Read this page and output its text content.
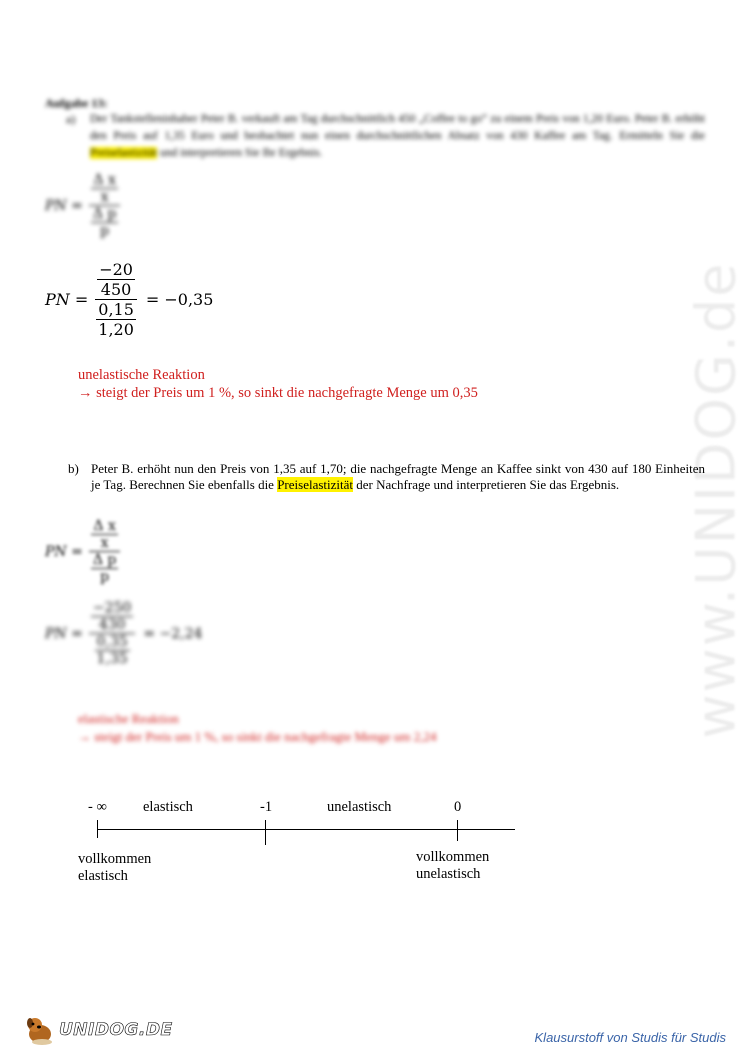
www.UNIDOG.de
Aufgabe 13:
a) Der Tankstelleninhaber Peter B. verkauft am Tag durchschnittlich 450 „Coffee to go“ zu einem Preis von 1,20 Euro. Peter B. erhöht den Preis auf 1,35 Euro und beobachtet nun einen durchschnittlichen Absatz von 430 Kaffee am Tag. Ermitteln Sie die Preiselastizität und interpretieren Sie Ihr Ergebnis.
PN = $\frac{\frac{\text{Δ x}}{x}}{\frac{\text{Δ p}}{p}}$
PN = $\frac{\frac{-20}{450}}{\frac{0,15}{1,20}} = -0,35$
unelastische Reaktion
→ steigt der Preis um 1 %, so sinkt die nachgefragte Menge um 0,35
b) Peter B. erhöht nun den Preis von 1,35 auf 1,70; die nachgefragte Menge an Kaffee sinkt von 430 auf 180 Einheiten je Tag. Berechnen Sie ebenfalls die Preiselastizität der Nachfrage und interpretieren Sie das Ergebnis.
PN = $\frac{\frac{\text{Δ x}}{x}}{\frac{\text{Δ p}}{p}}$
PN = $\frac{\frac{-250}{430}}{\frac{0,35}{1,35}} = -2,24$
elastische Reaktion
→ steigt der Preis um 1 %, so sinkt die nachgefragte Menge um 2,24
- ∞ elastisch	-1	unelastisch	0
vollkommen
elastisch
vollkommen
unelastisch
UNIDOG.DE	Klausurstoff von Studis für Studis
